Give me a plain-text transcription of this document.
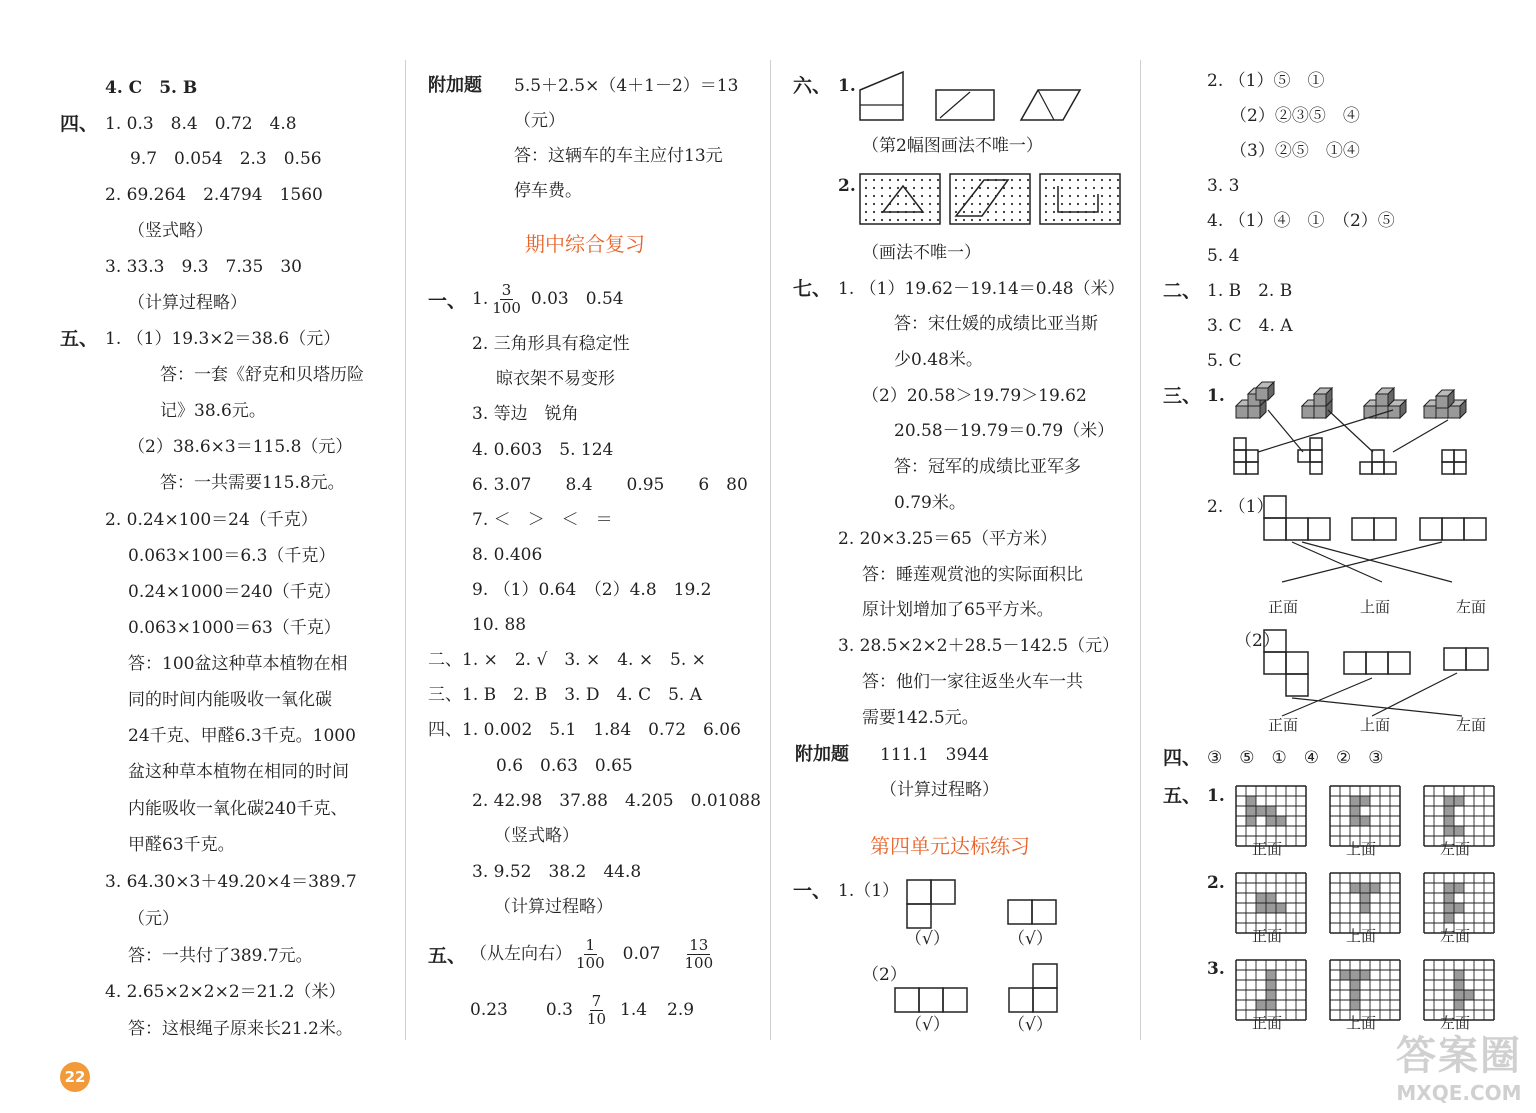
4. C　5. B
四、 1. 0.3　8.4　0.72　4.8
9.7　0.054　2.3　0.56
2. 69.264　2.4794　1560
（竖式略）
3. 33.3　9.3　7.35　30
（计算过程略）
五、 1. （1）19.3×2＝38.6（元）
答：一套《舒克和贝塔历险
记》38.6元。
（2）38.6×3＝115.8（元）
答：一共需要115.8元。
2. 0.24×100＝24（千克）
0.063×100＝6.3（千克）
0.24×1000＝240（千克）
0.063×1000＝63（千克）
答：100盆这种草本植物在相
同的时间内能吸收一氧化碳
24千克、甲醛6.3千克。1000
盆这种草本植物在相同的时间
内能吸收一氧化碳240千克、
甲醛63千克。
3. 64.30×3＋49.20×4＝389.7
（元）
答：一共付了389.7元。
4. 2.65×2×2×2＝21.2（米）
答：这根绳子原来长21.2米。
22
附加题 5.5＋2.5×（4＋1－2）＝13
（元）
答：这辆车的车主应付13元
停车费。
期中综合复习
一、 1. $\frac{3}{100} 0.03$　0.54
2. 三角形具有稳定性
晾衣架不易变形
3. 等边　锐角
4. 0.603　5. 124
6. 3.07　　8.4　　0.95　　6　80
7. ＜　＞　＜　＝
8. 0.406
9. （1）0.64　（2）4.8　19.2
10. 88
二、1. ×　2. √　3. ×　4. ×　5. ×
三、1. B　2. B　3. D　4. C　5. A
四、1. 0.002　5.1　1.84　0.72　6.06
0.6　0.63　0.65
2. 42.98　37.88　4.205　0.01088
（竖式略）
3. 9.52　38.2　44.8
（计算过程略）
五、 （从左向右） $\frac{1}{100} 0.07 \frac{13}{100}$
0.23 $0.3 \frac{7}{10} 1.4$ 2.9
六、 1.
（第2幅图画法不唯一）
2.
（画法不唯一）
七、 1. （1）19.62－19.14＝0.48（米）
答：宋仕媛的成绩比亚当斯
少0.48米。
（2）20.58＞19.79＞19.62
20.58－19.79＝0.79（米）
答：冠军的成绩比亚军多
0.79米。
2. 20×3.25＝65（平方米）
答：睡莲观赏池的实际面积比
原计划增加了65平方米。
3. 28.5×2×2＋28.5－142.5（元）
答：他们一家往返坐火车一共
需要142.5元。
附加题 111.1　3944
（计算过程略）
第四单元达标练习
一、 1.（1）
（√）	（√）
（2）
（√）	（√）
2. （1）⑤　①
（2）②③⑤　④
（3）②⑤　①④
3. 3
4. （1）④　①　（2）⑤
5. 4
二、 1. B　2. B
3. C　4. A
5. C
三、 1.
2. （1）
正面	上面	左面
（2）
正面	上面	左面
四、 ③　⑤　①　④　②　③
五、 1.
2.
3.
正面	上面	左面
正面	上面	左面
正面	上面	左面
答案圈
MXQE.COM
